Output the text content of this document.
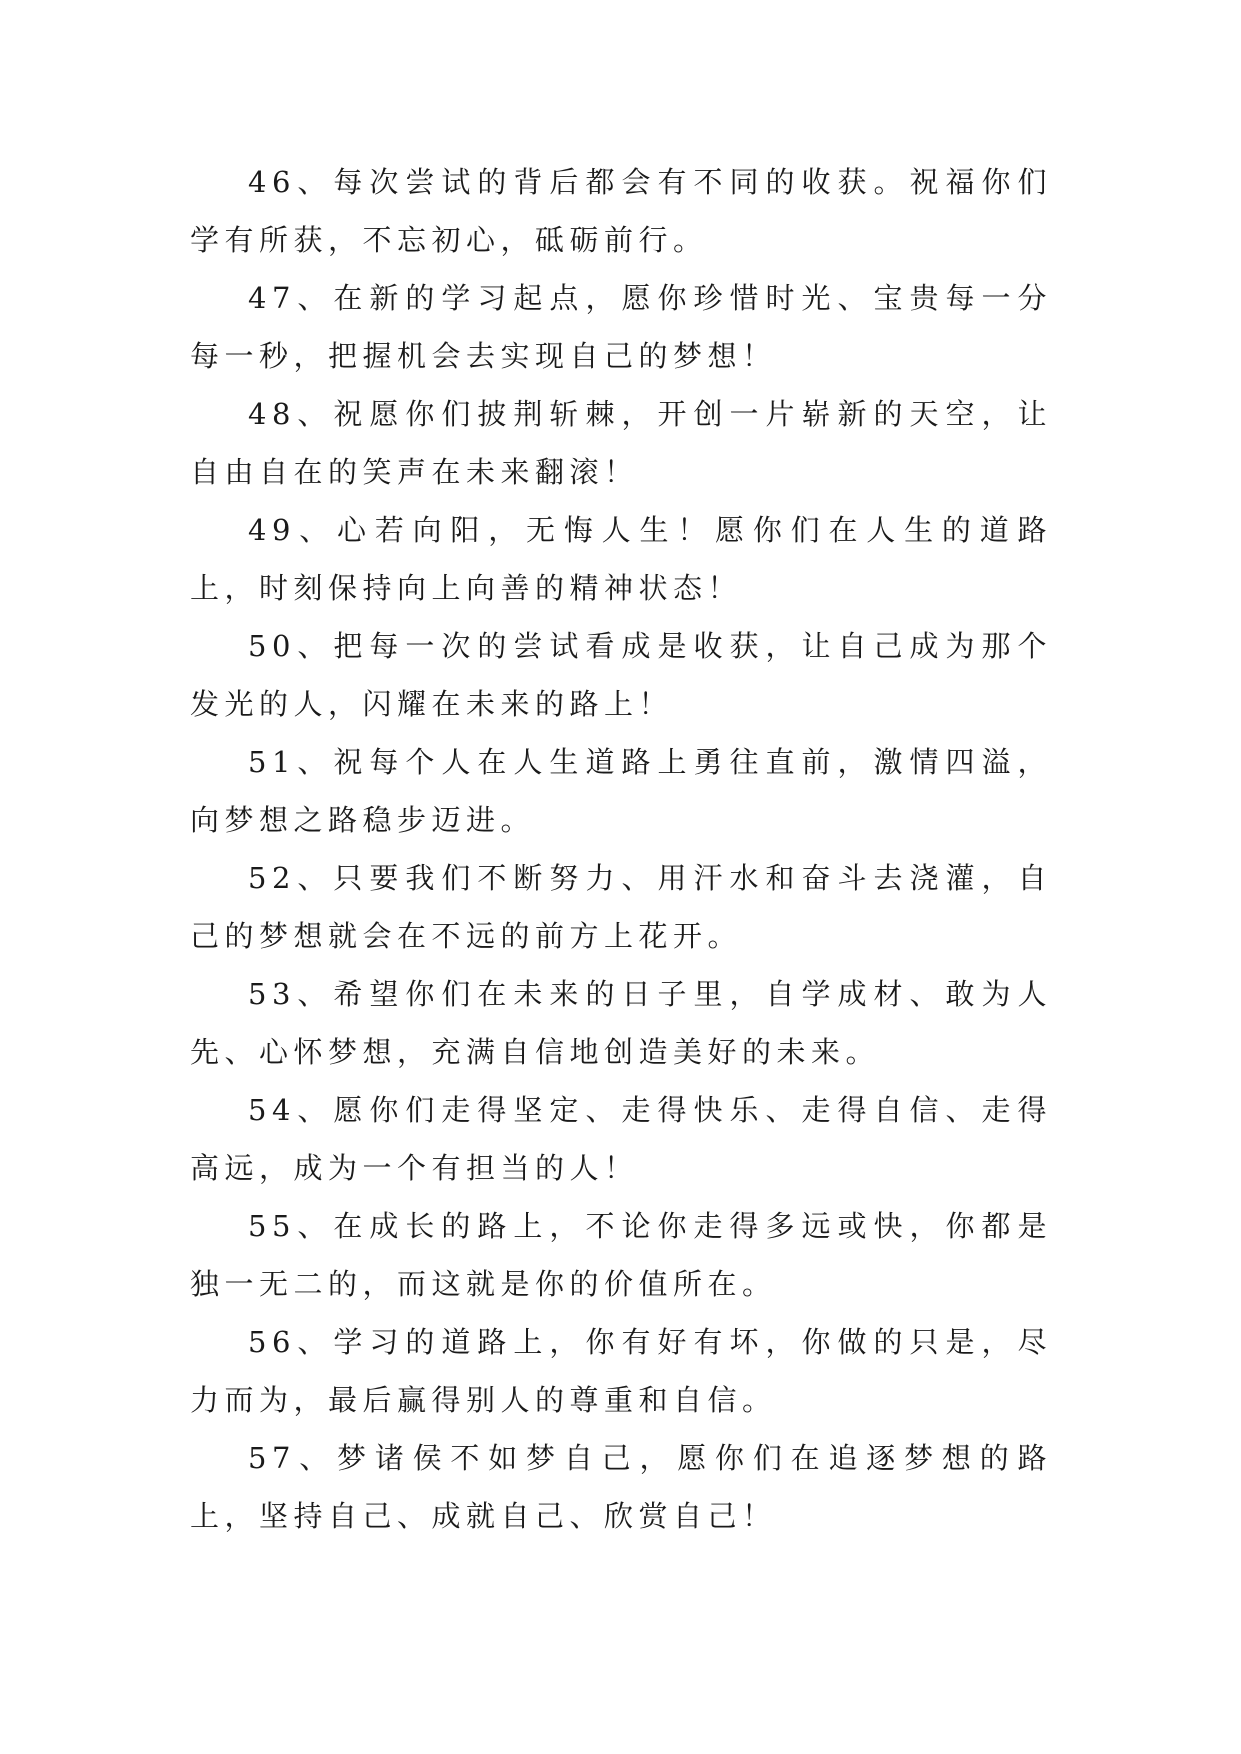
46、每次尝试的背后都会有不同的收获。祝福你们学有所获，不忘初心，砥砺前行。

47、在新的学习起点，愿你珍惜时光、宝贵每一分每一秒，把握机会去实现自己的梦想！

48、祝愿你们披荆斩棘，开创一片崭新的天空，让自由自在的笑声在未来翻滚！

49、心若向阳，无悔人生！愿你们在人生的道路上，时刻保持向上向善的精神状态！

50、把每一次的尝试看成是收获，让自己成为那个发光的人，闪耀在未来的路上！

51、祝每个人在人生道路上勇往直前，激情四溢，向梦想之路稳步迈进。

52、只要我们不断努力、用汗水和奋斗去浇灌，自己的梦想就会在不远的前方上花开。

53、希望你们在未来的日子里，自学成材、敢为人先、心怀梦想，充满自信地创造美好的未来。

54、愿你们走得坚定、走得快乐、走得自信、走得高远，成为一个有担当的人！

55、在成长的路上，不论你走得多远或快，你都是独一无二的，而这就是你的价值所在。

56、学习的道路上，你有好有坏，你做的只是，尽力而为，最后赢得别人的尊重和自信。

57、梦诸侯不如梦自己，愿你们在追逐梦想的路上，坚持自己、成就自己、欣赏自己！
